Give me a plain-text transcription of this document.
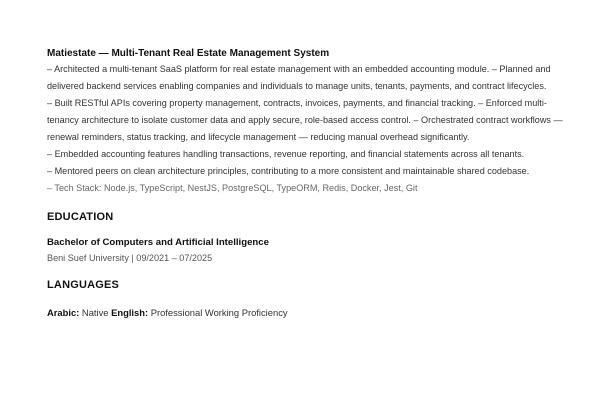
Matiestate — Multi-Tenant Real Estate Management System

– Architected a multi-tenant SaaS platform for real estate management with an embedded accounting module. – Planned and delivered backend services enabling companies and individuals to manage units, tenants, payments, and contract lifecycles.
– Built RESTful APIs covering property management, contracts, invoices, payments, and financial tracking. – Enforced multi-tenancy architecture to isolate customer data and apply secure, role-based access control. – Orchestrated contract workflows — renewal reminders, status tracking, and lifecycle management — reducing manual overhead significantly.
– Embedded accounting features handling transactions, revenue reporting, and financial statements across all tenants.
– Mentored peers on clean architecture principles, contributing to a more consistent and maintainable shared codebase.
– Tech Stack: Node.js, TypeScript, NestJS, PostgreSQL, TypeORM, Redis, Docker, Jest, Git
EDUCATION

Bachelor of Computers and Artificial Intelligence

Beni Suef University | 09/2021 – 07/2025

LANGUAGES

Arabic: Native English: Professional Working Proficiency
